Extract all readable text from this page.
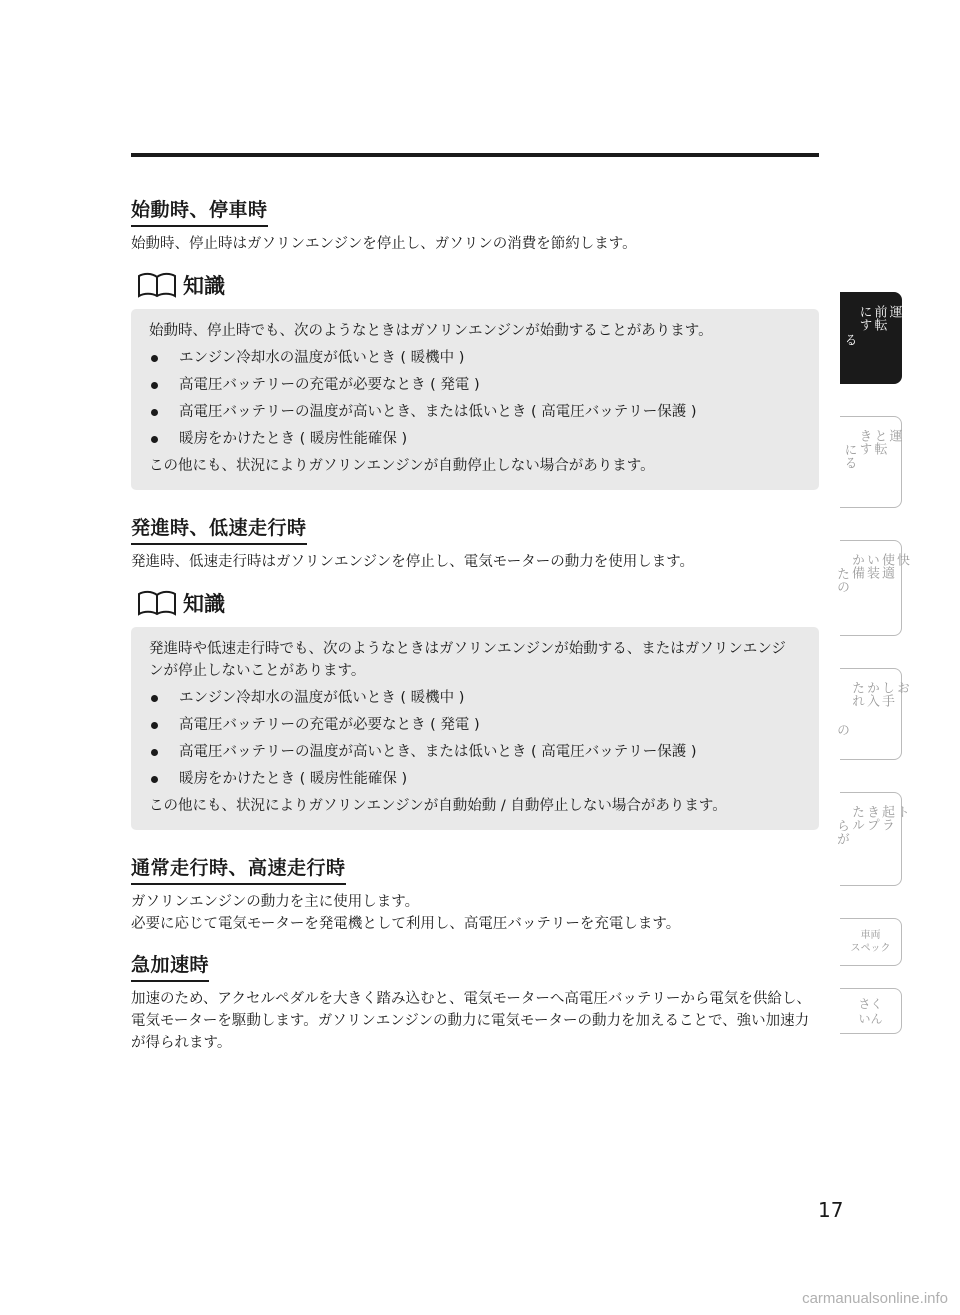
始動時、停車時

始動時、停止時はガソリンエンジンを停止し、ガソリンの消費を節約します。

知識

始動時、停止時でも、次のようなときはガソリンエンジンが始動することがあります。

エンジン冷却水の温度が低いとき ( 暖機中 )
高電圧バッテリーの充電が必要なとき ( 発電 )
高電圧バッテリーの温度が高いとき、または低いとき ( 高電圧バッテリー保護 )
暖房をかけたとき ( 暖房性能確保 )

この他にも、状況によりガソリンエンジンが自動停止しない場合があります。

発進時、低速走行時

発進時、低速走行時はガソリンエンジンを停止し、電気モーターの動力を使用します。

知識

発進時や低速走行時でも、次のようなときはガソリンエンジンが始動する、またはガソリンエンジンが停止しないことがあります。

エンジン冷却水の温度が低いとき ( 暖機中 )
高電圧バッテリーの充電が必要なとき ( 発電 )
高電圧バッテリーの温度が高いとき、または低いとき ( 高電圧バッテリー保護 )
暖房をかけたとき ( 暖房性能確保 )

この他にも、状況によりガソリンエンジンが自動始動 / 自動停止しない場合があります。

通常走行時、高速走行時

ガソリンエンジンの動力を主に使用します。

必要に応じて電気モーターを発電機として利用し、高電圧バッテリーを充電します。

急加速時

加速のため、アクセルペダルを大きく踏み込むと、電気モーターへ高電圧バッテリーから電気を供給し、電気モーターを駆動します。ガソリンエンジンの動力に電気モーターの動力を加えることで、強い加速力が得られます。

運
前転
にす
る
運
と転
きす
にる
快
使適
い装
か備
たの
お
し手
か入
たれ
の
ト
起ラ
きプ
たル
らが
車両
スペック
さく
いん
17
carmanualsonline.info
